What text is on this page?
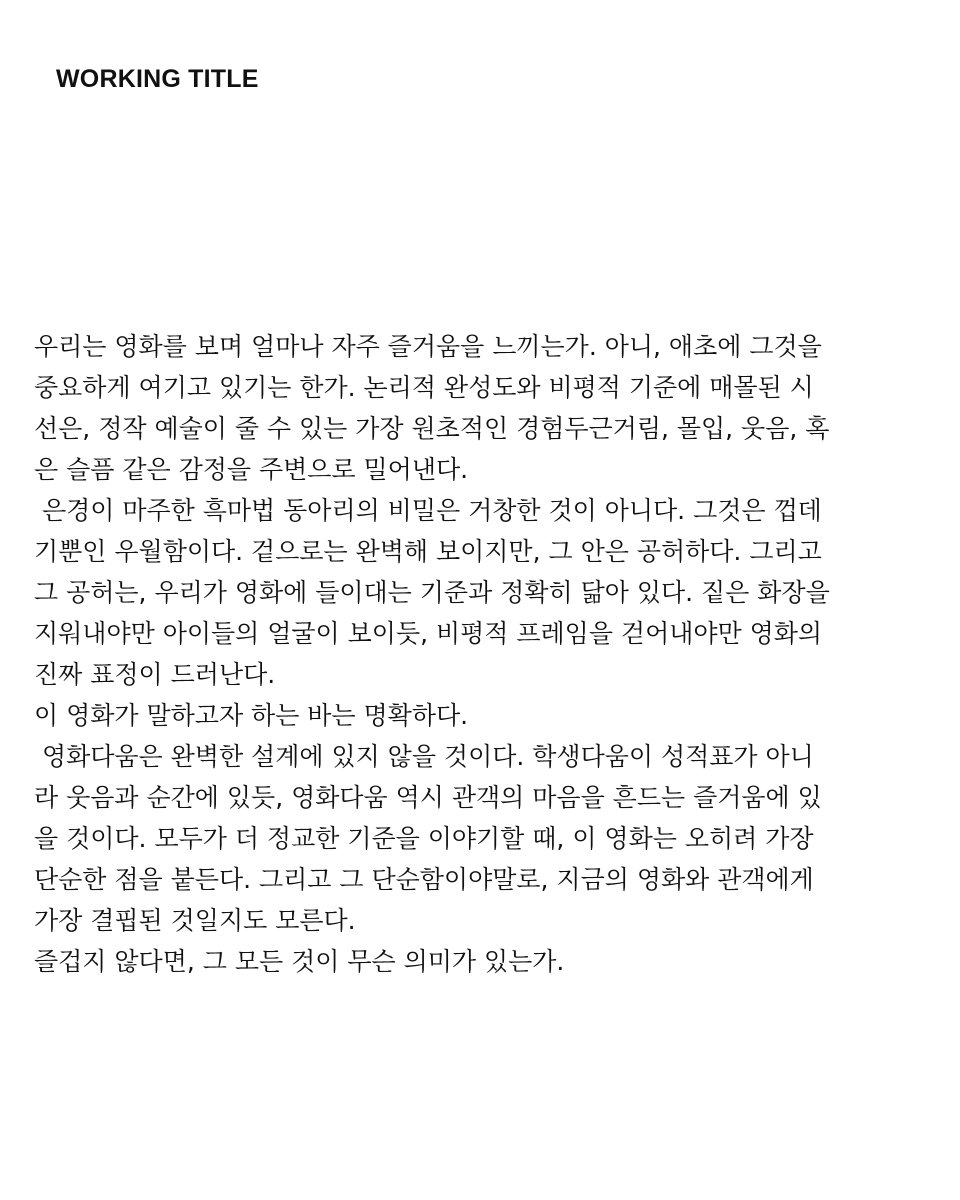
WORKING TITLE
우리는 영화를 보며 얼마나 자주 즐거움을 느끼는가. 아니, 애초에 그것을
중요하게 여기고 있기는 한가. 논리적 완성도와 비평적 기준에 매몰된 시
선은, 정작 예술이 줄 수 있는 가장 원초적인 경험두근거림, 몰입, 웃음, 혹
은 슬픔 같은 감정을 주변으로 밀어낸다.
은경이 마주한 흑마법 동아리의 비밀은 거창한 것이 아니다. 그것은 껍데
기뿐인 우월함이다. 겉으로는 완벽해 보이지만, 그 안은 공허하다. 그리고
그 공허는, 우리가 영화에 들이대는 기준과 정확히 닮아 있다. 짙은 화장을
지워내야만 아이들의 얼굴이 보이듯, 비평적 프레임을 걷어내야만 영화의
진짜 표정이 드러난다.
이 영화가 말하고자 하는 바는 명확하다.
영화다움은 완벽한 설계에 있지 않을 것이다. 학생다움이 성적표가 아니
라 웃음과 순간에 있듯, 영화다움 역시 관객의 마음을 흔드는 즐거움에 있
을 것이다. 모두가 더 정교한 기준을 이야기할 때, 이 영화는 오히려 가장
단순한 점을 붙든다. 그리고 그 단순함이야말로, 지금의 영화와 관객에게
가장 결핍된 것일지도 모른다.
즐겁지 않다면, 그 모든 것이 무슨 의미가 있는가.
